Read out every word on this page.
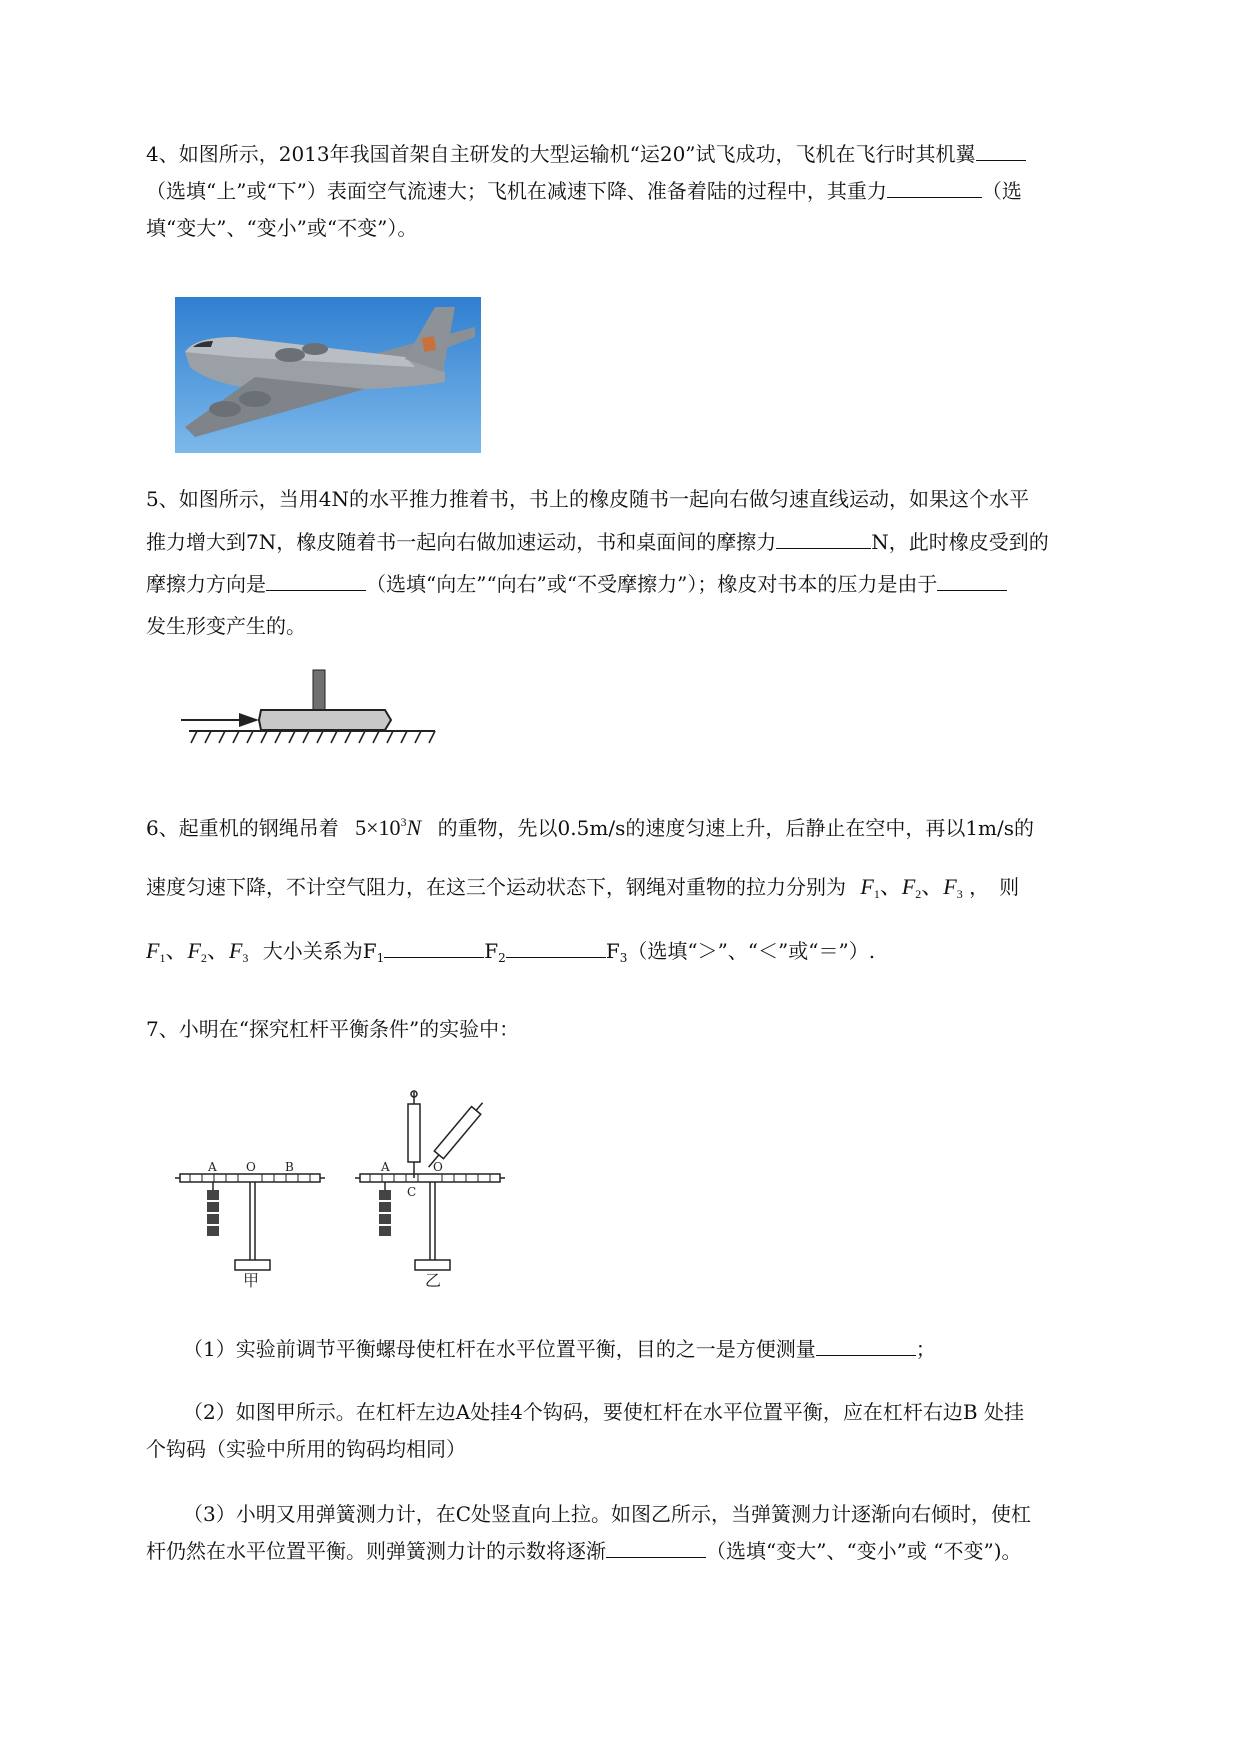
4、如图所示，2013年我国首架自主研发的大型运输机“运20”试飞成功，飞机在飞行时其机翼
（选填“上”或“下”）表面空气流速大；飞机在减速下降、准备着陆的过程中，其重力	（选
填“变大”、“变小”或“不变”）。
5、如图所示，当用4N的水平推力推着书，书上的橡皮随书一起向右做匀速直线运动，如果这个水平
推力增大到7N，橡皮随着书一起向右做加速运动，书和桌面间的摩擦力	N，此时橡皮受到的
摩擦力方向是	（选填“向左”“向右”或“不受摩擦力”）；橡皮对书本的压力是由于
发生形变产生的。
6、起重机的钢绳吊着 $5\times 10^3N$ 的重物，先以0.5m/s的速度匀速上升，后静止在空中，再以1m/s的
速度匀速下降，不计空气阻力，在这三个运动状态下，钢绳对重物的拉力分别为 $F_1$、$F_2$、$F_3$ ，　则
$F_1$、$F_2$、$F_3$ 大小关系为$F_1$	$F_2$	$F_3$（选填“＞”、“＜”或“＝”）.
7、小明在“探究杠杆平衡条件”的实验中：
A O B
甲
A	O
C
乙
（1）实验前调节平衡螺母使杠杆在水平位置平衡，目的之一是方便测量	；
（2）如图甲所示。在杠杆左边A处挂4个钩码，要使杠杆在水平位置平衡，应在杠杆右边B 处挂
个钩码（实验中所用的钩码均相同）
（3）小明又用弹簧测力计，在C处竖直向上拉。如图乙所示，当弹簧测力计逐渐向右倾时，使杠
杆仍然在水平位置平衡。则弹簧测力计的示数将逐渐	（选填“变大”、“变小”或 “不变”)。
